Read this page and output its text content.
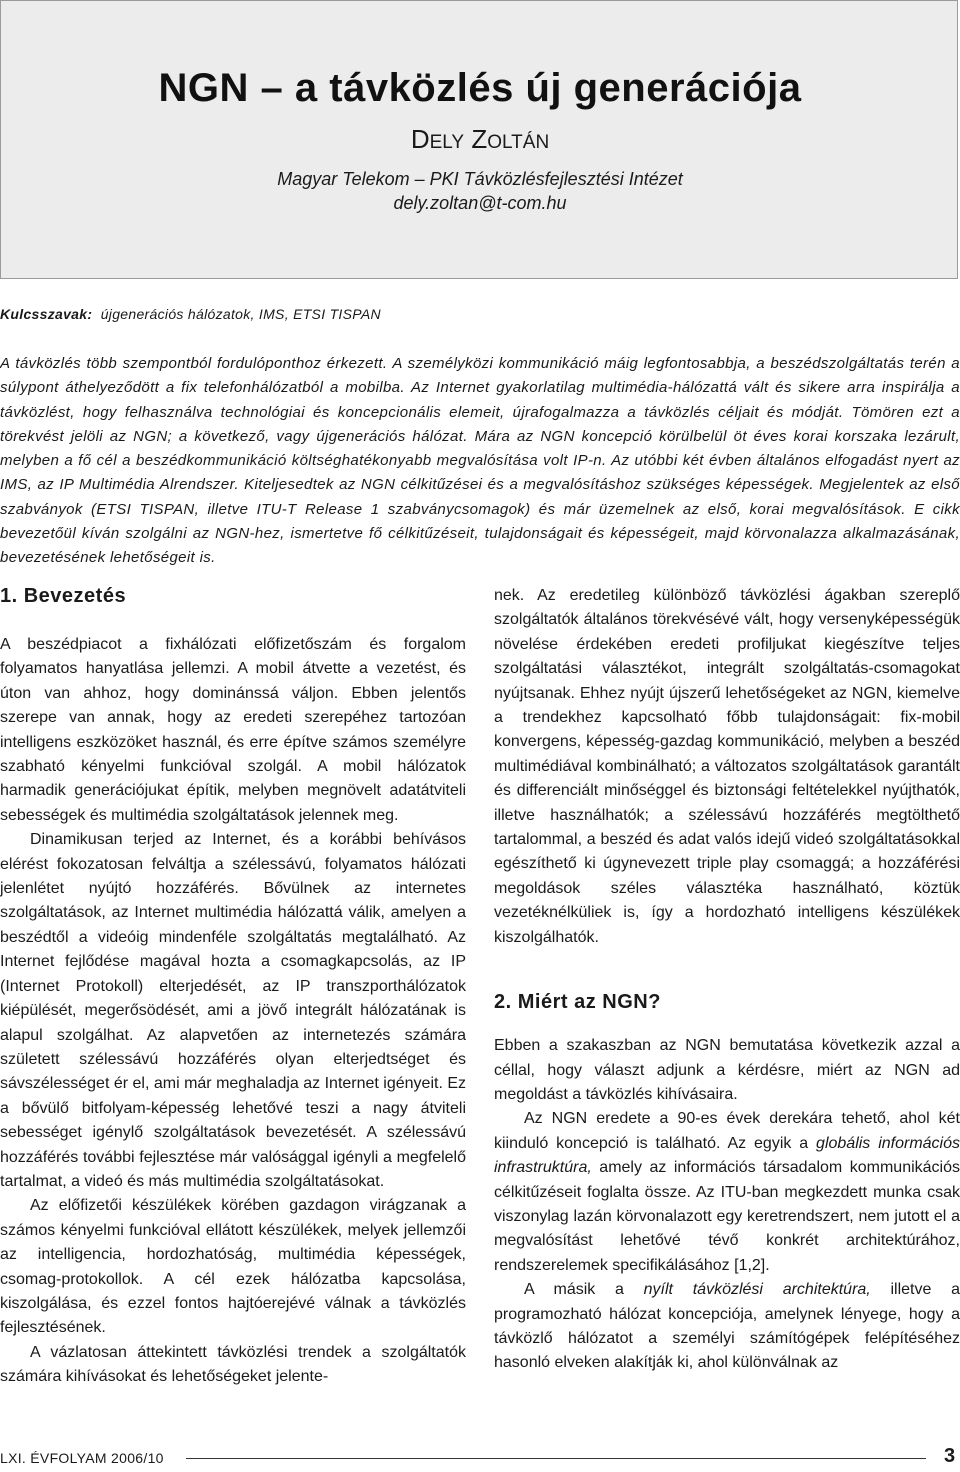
NGN – a távközlés új generációja
DELY ZOLTÁN
Magyar Telekom – PKI Távközlésfejlesztési Intézet
dely.zoltan@t-com.hu
Kulcsszavak: újgenerációs hálózatok, IMS, ETSI TISPAN

A távközlés több szempontból fordulóponthoz érkezett. A személyközi kommunikáció máig legfontosabbja, a beszédszolgáltatás terén a súlypont áthelyeződött a fix telefonhálózatból a mobilba. Az Internet gyakorlatilag multimédia-hálózattá vált és sikere arra inspirálja a távközlést, hogy felhasználva technológiai és koncepcionális elemeit, újrafogalmazza a távközlés céljait és módját. Tömören ezt a törekvést jelöli az NGN; a következő, vagy újgenerációs hálózat. Mára az NGN koncepció körülbelül öt éves korai korszaka lezárult, melyben a fő cél a beszédkommunikáció költséghatékonyabb megvalósítása volt IP-n. Az utóbbi két évben általános elfogadást nyert az IMS, az IP Multimédia Alrendszer. Kiteljesedtek az NGN célkitűzései és a megvalósításhoz szükséges képességek. Megjelentek az első szabványok (ETSI TISPAN, illetve ITU-T Release 1 szabványcsomagok) és már üzemelnek az első, korai megvalósítások. E cikk bevezetőül kíván szolgálni az NGN-hez, ismertetve fő célkitűzéseit, tulajdonságait és képességeit, majd körvonalazza alkalmazásának, bevezetésének lehetőségeit is.

1. Bevezetés

A beszédpiacot a fixhálózati előfizetőszám és forgalom folyamatos hanyatlása jellemzi. A mobil átvette a vezetést, és úton van ahhoz, hogy dominánssá váljon. Ebben jelentős szerepe van annak, hogy az eredeti szerepéhez tartozóan intelligens eszközöket használ, és erre építve számos személyre szabható kényelmi funkcióval szolgál. A mobil hálózatok harmadik generációjukat építik, melyben megnövelt adatátviteli sebességek és multimédia szolgáltatások jelennek meg.

Dinamikusan terjed az Internet, és a korábbi behívásos elérést fokozatosan felváltja a szélessávú, folyamatos hálózati jelenlétet nyújtó hozzáférés. Bővülnek az internetes szolgáltatások, az Internet multimédia hálózattá válik, amelyen a beszédtől a videóig mindenféle szolgáltatás megtalálható. Az Internet fejlődése magával hozta a csomagkapcsolás, az IP (Internet Protokoll) elterjedését, az IP transzporthálózatok kiépülését, megerősödését, ami a jövő integrált hálózatának is alapul szolgálhat. Az alapvetően az internetezés számára született szélessávú hozzáférés olyan elterjedtséget és sávszélességet ér el, ami már meghaladja az Internet igényeit. Ez a bővülő bitfolyam-képesség lehetővé teszi a nagy átviteli sebességet igénylő szolgáltatások bevezetését. A szélessávú hozzáférés további fejlesztése már valósággal igényli a megfelelő tartalmat, a videó és más multimédia szolgáltatásokat.

Az előfizetői készülékek körében gazdagon virágzanak a számos kényelmi funkcióval ellátott készülékek, melyek jellemzői az intelligencia, hordozhatóság, multimédia képességek, csomag-protokollok. A cél ezek hálózatba kapcsolása, kiszolgálása, és ezzel fontos hajtóerejévé válnak a távközlés fejlesztésének.

A vázlatosan áttekintett távközlési trendek a szolgáltatók számára kihívásokat és lehetőségeket jelente-

nek. Az eredetileg különböző távközlési ágakban szereplő szolgáltatók általános törekvésévé vált, hogy versenyképességük növelése érdekében eredeti profiljukat kiegészítve teljes szolgáltatási választékot, integrált szolgáltatás-csomagokat nyújtsanak. Ehhez nyújt újszerű lehetőségeket az NGN, kiemelve a trendekhez kapcsolható főbb tulajdonságait: fix-mobil konvergens, képesség-gazdag kommunikáció, melyben a beszéd multimédiával kombinálható; a változatos szolgáltatások garantált és differenciált minőséggel és biztonsági feltételekkel nyújthatók, illetve használhatók; a szélessávú hozzáférés megtölthető tartalommal, a beszéd és adat valós idejű videó szolgáltatásokkal egészíthető ki úgynevezett triple play csomaggá; a hozzáférési megoldások széles választéka használható, köztük vezetéknélküliek is, így a hordozható intelligens készülékek kiszolgálhatók.

2. Miért az NGN?

Ebben a szakaszban az NGN bemutatása következik azzal a céllal, hogy választ adjunk a kérdésre, miért az NGN ad megoldást a távközlés kihívásaira.

Az NGN eredete a 90-es évek derekára tehető, ahol két kiinduló koncepció is található. Az egyik a globális információs infrastruktúra, amely az információs társadalom kommunikációs célkitűzéseit foglalta össze. Az ITU-ban megkezdett munka csak viszonylag lazán körvonalazott egy keretrendszert, nem jutott el a megvalósítást lehetővé tévő konkrét architektúrához, rendszerelemek specifikálásához [1,2].

A másik a nyílt távközlési architektúra, illetve a programozható hálózat koncepciója, amelynek lényege, hogy a távközlő hálózatot a személyi számítógépek felépítéséhez hasonló elveken alakítják ki, ahol különválnak az

LXI. ÉVFOLYAM 2006/10	3
